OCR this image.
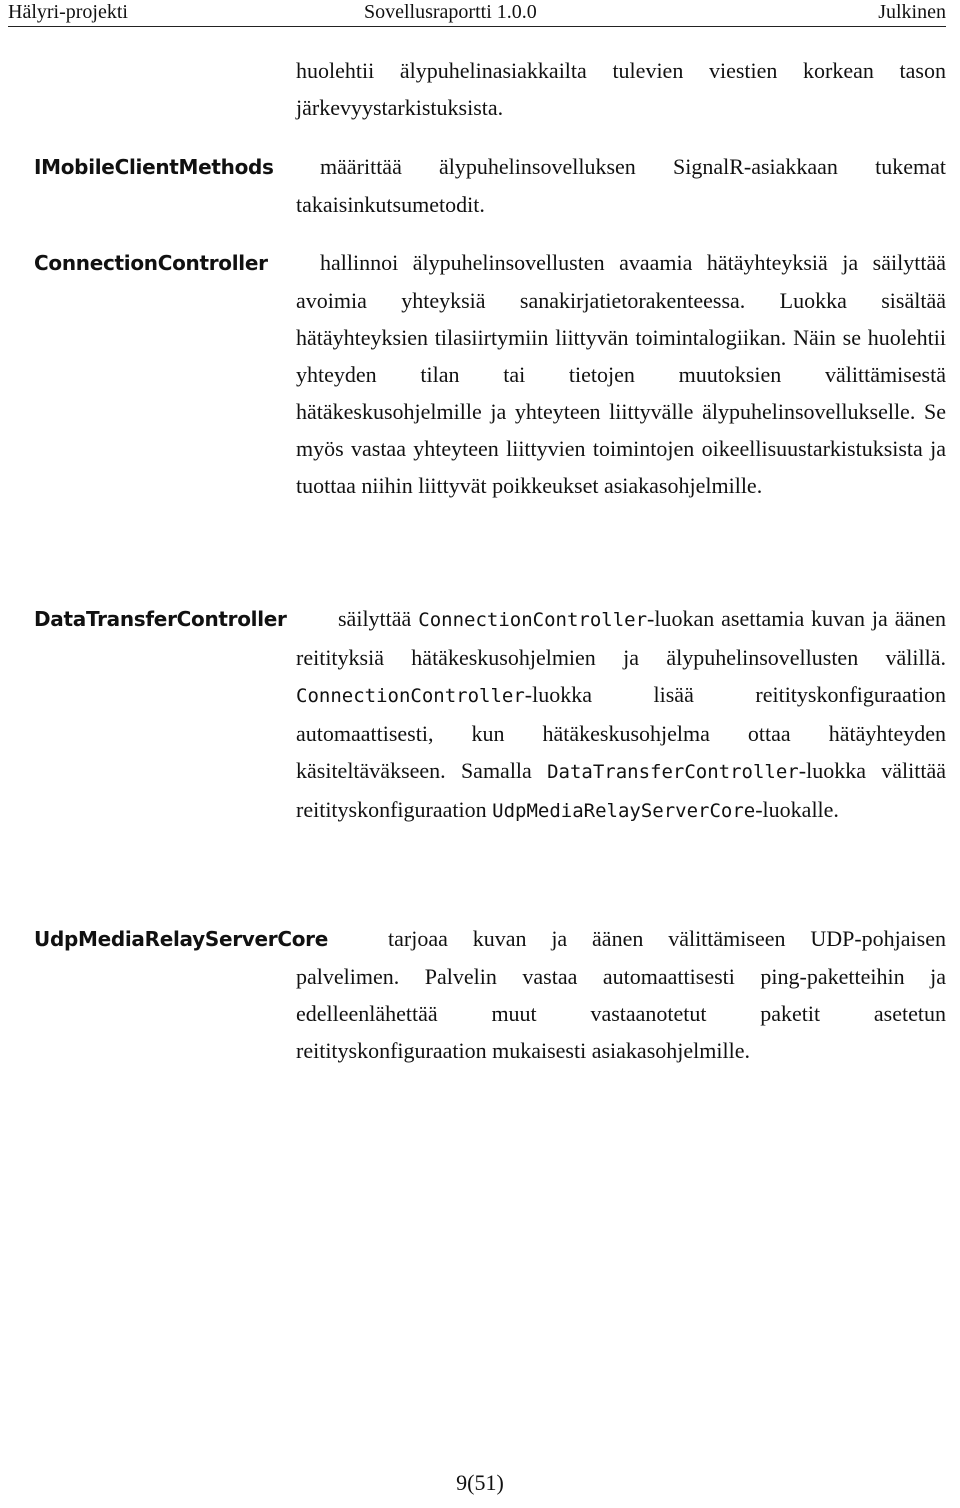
Hälyri-projekti	Sovellusraportti 1.0.0	Julkinen

huolehtii älypuhelinasiakkailta tulevien viestien korkean tason järkevyystarkistuksista.

IMobileClientMethods määrittää älypuhelinsovelluksen SignalR-asiakkaan tukemat takaisinkutsumetodit.

ConnectionController hallinnoi älypuhelinsovellusten avaamia hätäyhteyksiä ja säilyttää avoimia yhteyksiä sanakirjatietorakenteessa. Luokka sisältää hätäyhteyksien tilasiirtymiin liittyvän toimintalogiikan. Näin se huolehtii yhteyden tilan tai tietojen muutoksien välittämisestä hätäkeskusohjelmille ja yhteyteen liittyvälle älypuhelinsovellukselle. Se myös vastaa yhteyteen liittyvien toimintojen oikeellisuustarkistuksista ja tuottaa niihin liittyvät poikkeukset asiakasohjelmille.

DataTransferController säilyttää ConnectionController-luokan asettamia kuvan ja äänen reitityksiä hätäkeskusohjelmien ja älypuhelinsovellusten välillä. ConnectionController-luokka lisää reitityskonfiguraation automaattisesti, kun hätäkeskusohjelma ottaa hätäyhteyden käsiteltäväkseen. Samalla DataTransferController-luokka välittää reitityskonfiguraation UdpMediaRelayServerCore-luokalle.

UdpMediaRelayServerCore	tarjoaa kuvan ja äänen välittämiseen UDP-pohjaisen palvelimen. Palvelin vastaa automaattisesti ping-paketteihin ja edelleenlähettää muut vastaanotetut paketit asetetun reitityskonfiguraation mukaisesti asiakasohjelmille.

9(51)
